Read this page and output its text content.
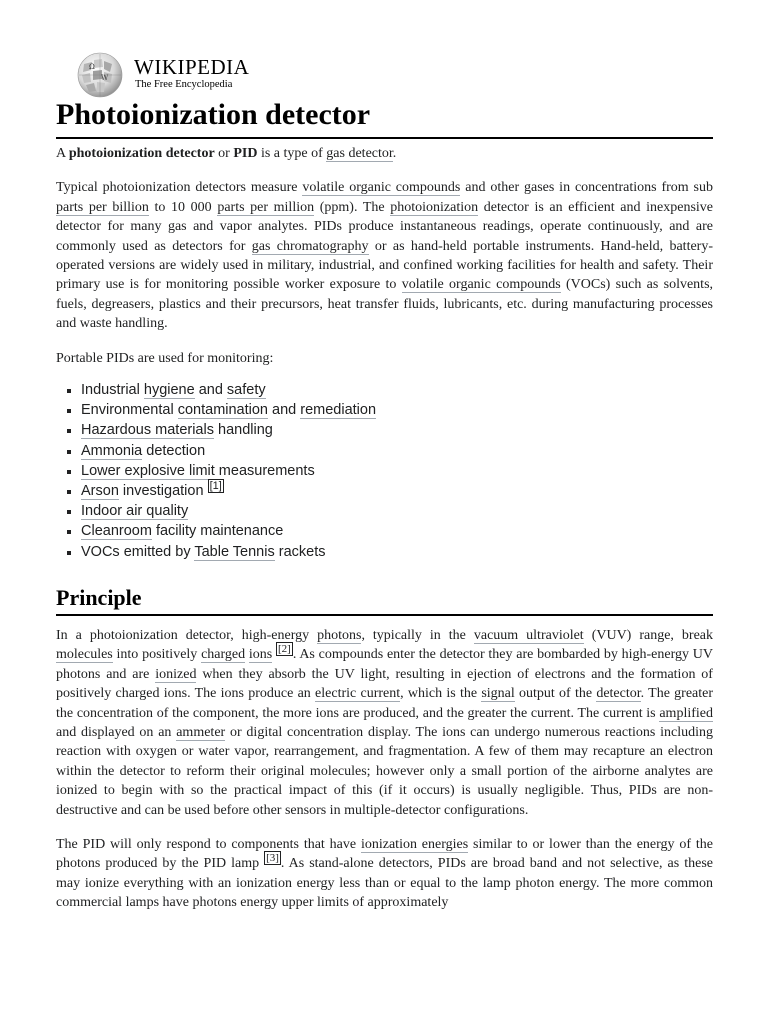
Ω
W WIKIPEDIA
The Free Encyclopedia
Photoionization detector

A photoionization detector or PID is a type of gas detector.

Typical photoionization detectors measure volatile organic compounds and other gases in concentrations from sub parts per billion to 10 000 parts per million (ppm). The photoionization detector is an efficient and inexpensive detector for many gas and vapor analytes. PIDs produce instantaneous readings, operate continuously, and are commonly used as detectors for gas chromatography or as hand-held portable instruments. Hand-held, battery-operated versions are widely used in military, industrial, and confined working facilities for health and safety. Their primary use is for monitoring possible worker exposure to volatile organic compounds (VOCs) such as solvents, fuels, degreasers, plastics and their precursors, heat transfer fluids, lubricants, etc. during manufacturing processes and waste handling.

Portable PIDs are used for monitoring:

▪ Industrial hygiene and safety
▪ Environmental contamination and remediation
▪ Hazardous materials handling
▪ Ammonia detection
▪ Lower explosive limit measurements
▪ Arson investigation [1]
▪ Indoor air quality
▪ Cleanroom facility maintenance
▪ VOCs emitted by Table Tennis rackets
Principle

In a photoionization detector, high-energy photons, typically in the vacuum ultraviolet (VUV) range, break molecules into positively charged ions [2] . As compounds enter the detector they are bombarded by high-energy UV photons and are ionized when they absorb the UV light, resulting in ejection of electrons and the formation of positively charged ions. The ions produce an electric current, which is the signal output of the detector. The greater the concentration of the component, the more ions are produced, and the greater the current. The current is amplified and displayed on an ammeter or digital concentration display. The ions can undergo numerous reactions including reaction with oxygen or water vapor, rearrangement, and fragmentation. A few of them may recapture an electron within the detector to reform their original molecules; however only a small portion of the airborne analytes are ionized to begin with so the practical impact of this (if it occurs) is usually negligible. Thus, PIDs are non-destructive and can be used before other sensors in multiple-detector configurations.

The PID will only respond to components that have ionization energies similar to or lower than the energy of the photons produced by the PID lamp [3] . As stand-alone detectors, PIDs are broad band and not selective, as these may ionize everything with an ionization energy less than or equal to the lamp photon energy. The more common commercial lamps have photons energy upper limits of approximately
